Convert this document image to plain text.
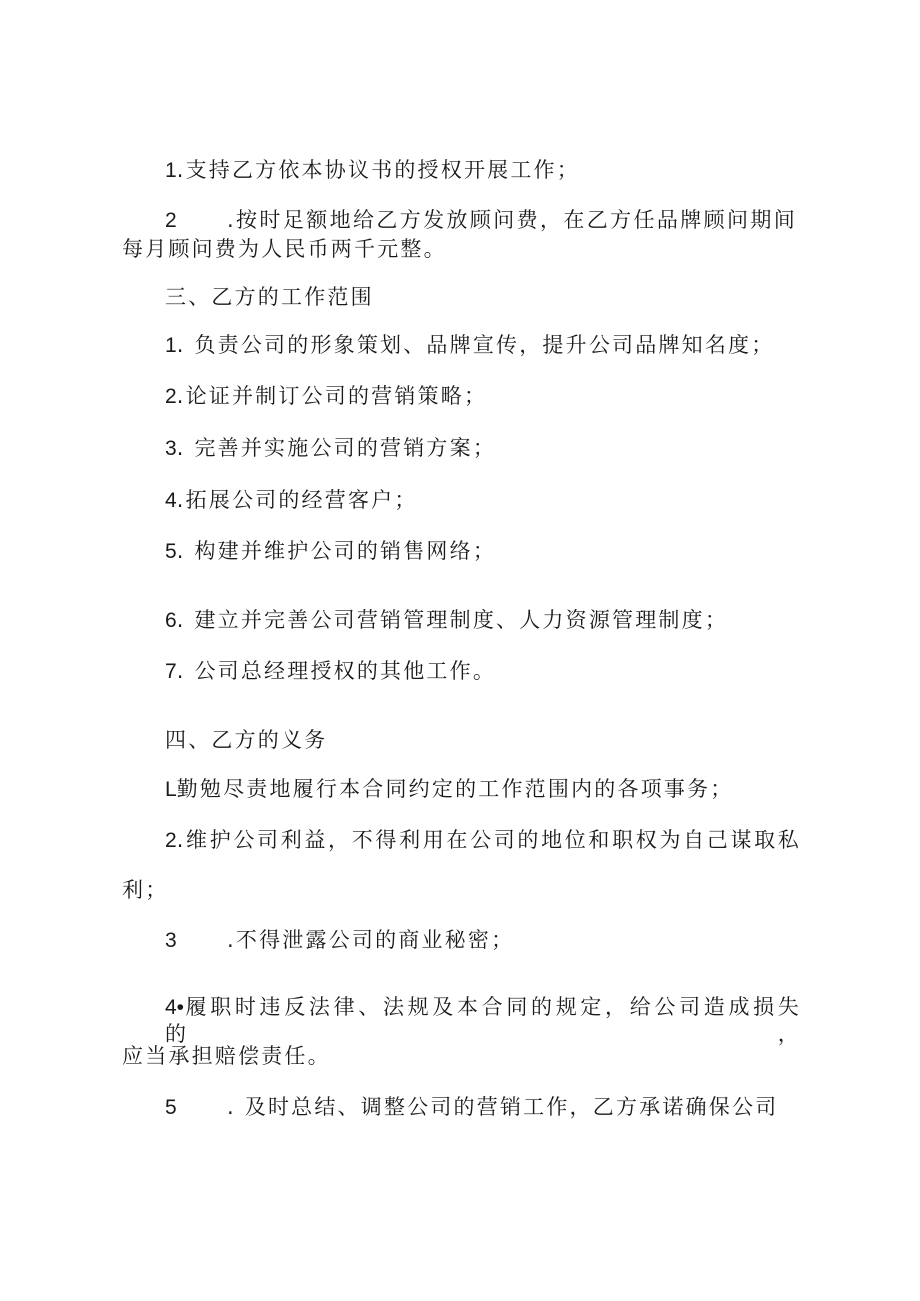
1.支持乙方依本协议书的授权开展工作；
2 .按时足额地给乙方发放顾问费，在乙方任品牌顾问期间
每月顾问费为人民币两千元整。
三、乙方的工作范围
1. 负责公司的形象策划、品牌宣传，提升公司品牌知名度；
2.论证并制订公司的营销策略；
3. 完善并实施公司的营销方案；
4.拓展公司的经营客户；
5. 构建并维护公司的销售网络；
6. 建立并完善公司营销管理制度、人力资源管理制度；
7. 公司总经理授权的其他工作。
四、乙方的义务
L勤勉尽责地履行本合同约定的工作范围内的各项事务；
2.维护公司利益，不得利用在公司的地位和职权为自己谋取私
利；
3 .不得泄露公司的商业秘密；
4•履职时违反法律、法规及本合同的规定，给公司造成损失的，
应当承担赔偿责任。
5 . 及时总结、调整公司的营销工作，乙方承诺确保公司
